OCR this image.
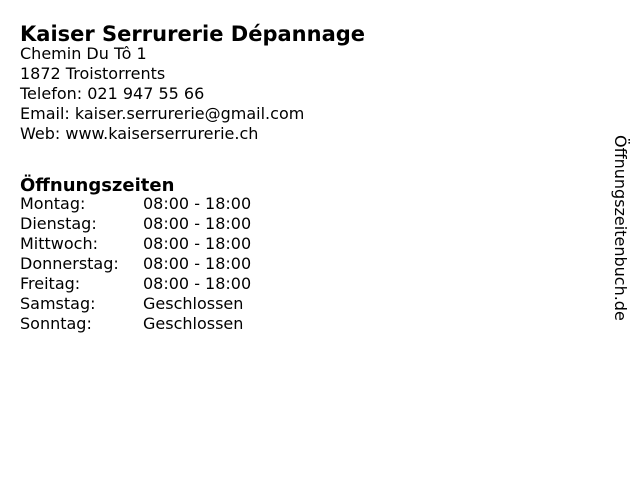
Kaiser Serrurerie Dépannage
Chemin Du Tô 1
1872 Troistorrents
Telefon: 021 947 55 66
Email: kaiser.serrurerie@gmail.com
Web: www.kaiserserrurerie.ch
Öffnungszeiten
Montag:	08:00 - 18:00
Dienstag:	08:00 - 18:00
Mittwoch:	08:00 - 18:00
Donnerstag:	08:00 - 18:00
Freitag:	08:00 - 18:00
Samstag:	Geschlossen
Sonntag:	Geschlossen
Öffnungszeitenbuch.de
